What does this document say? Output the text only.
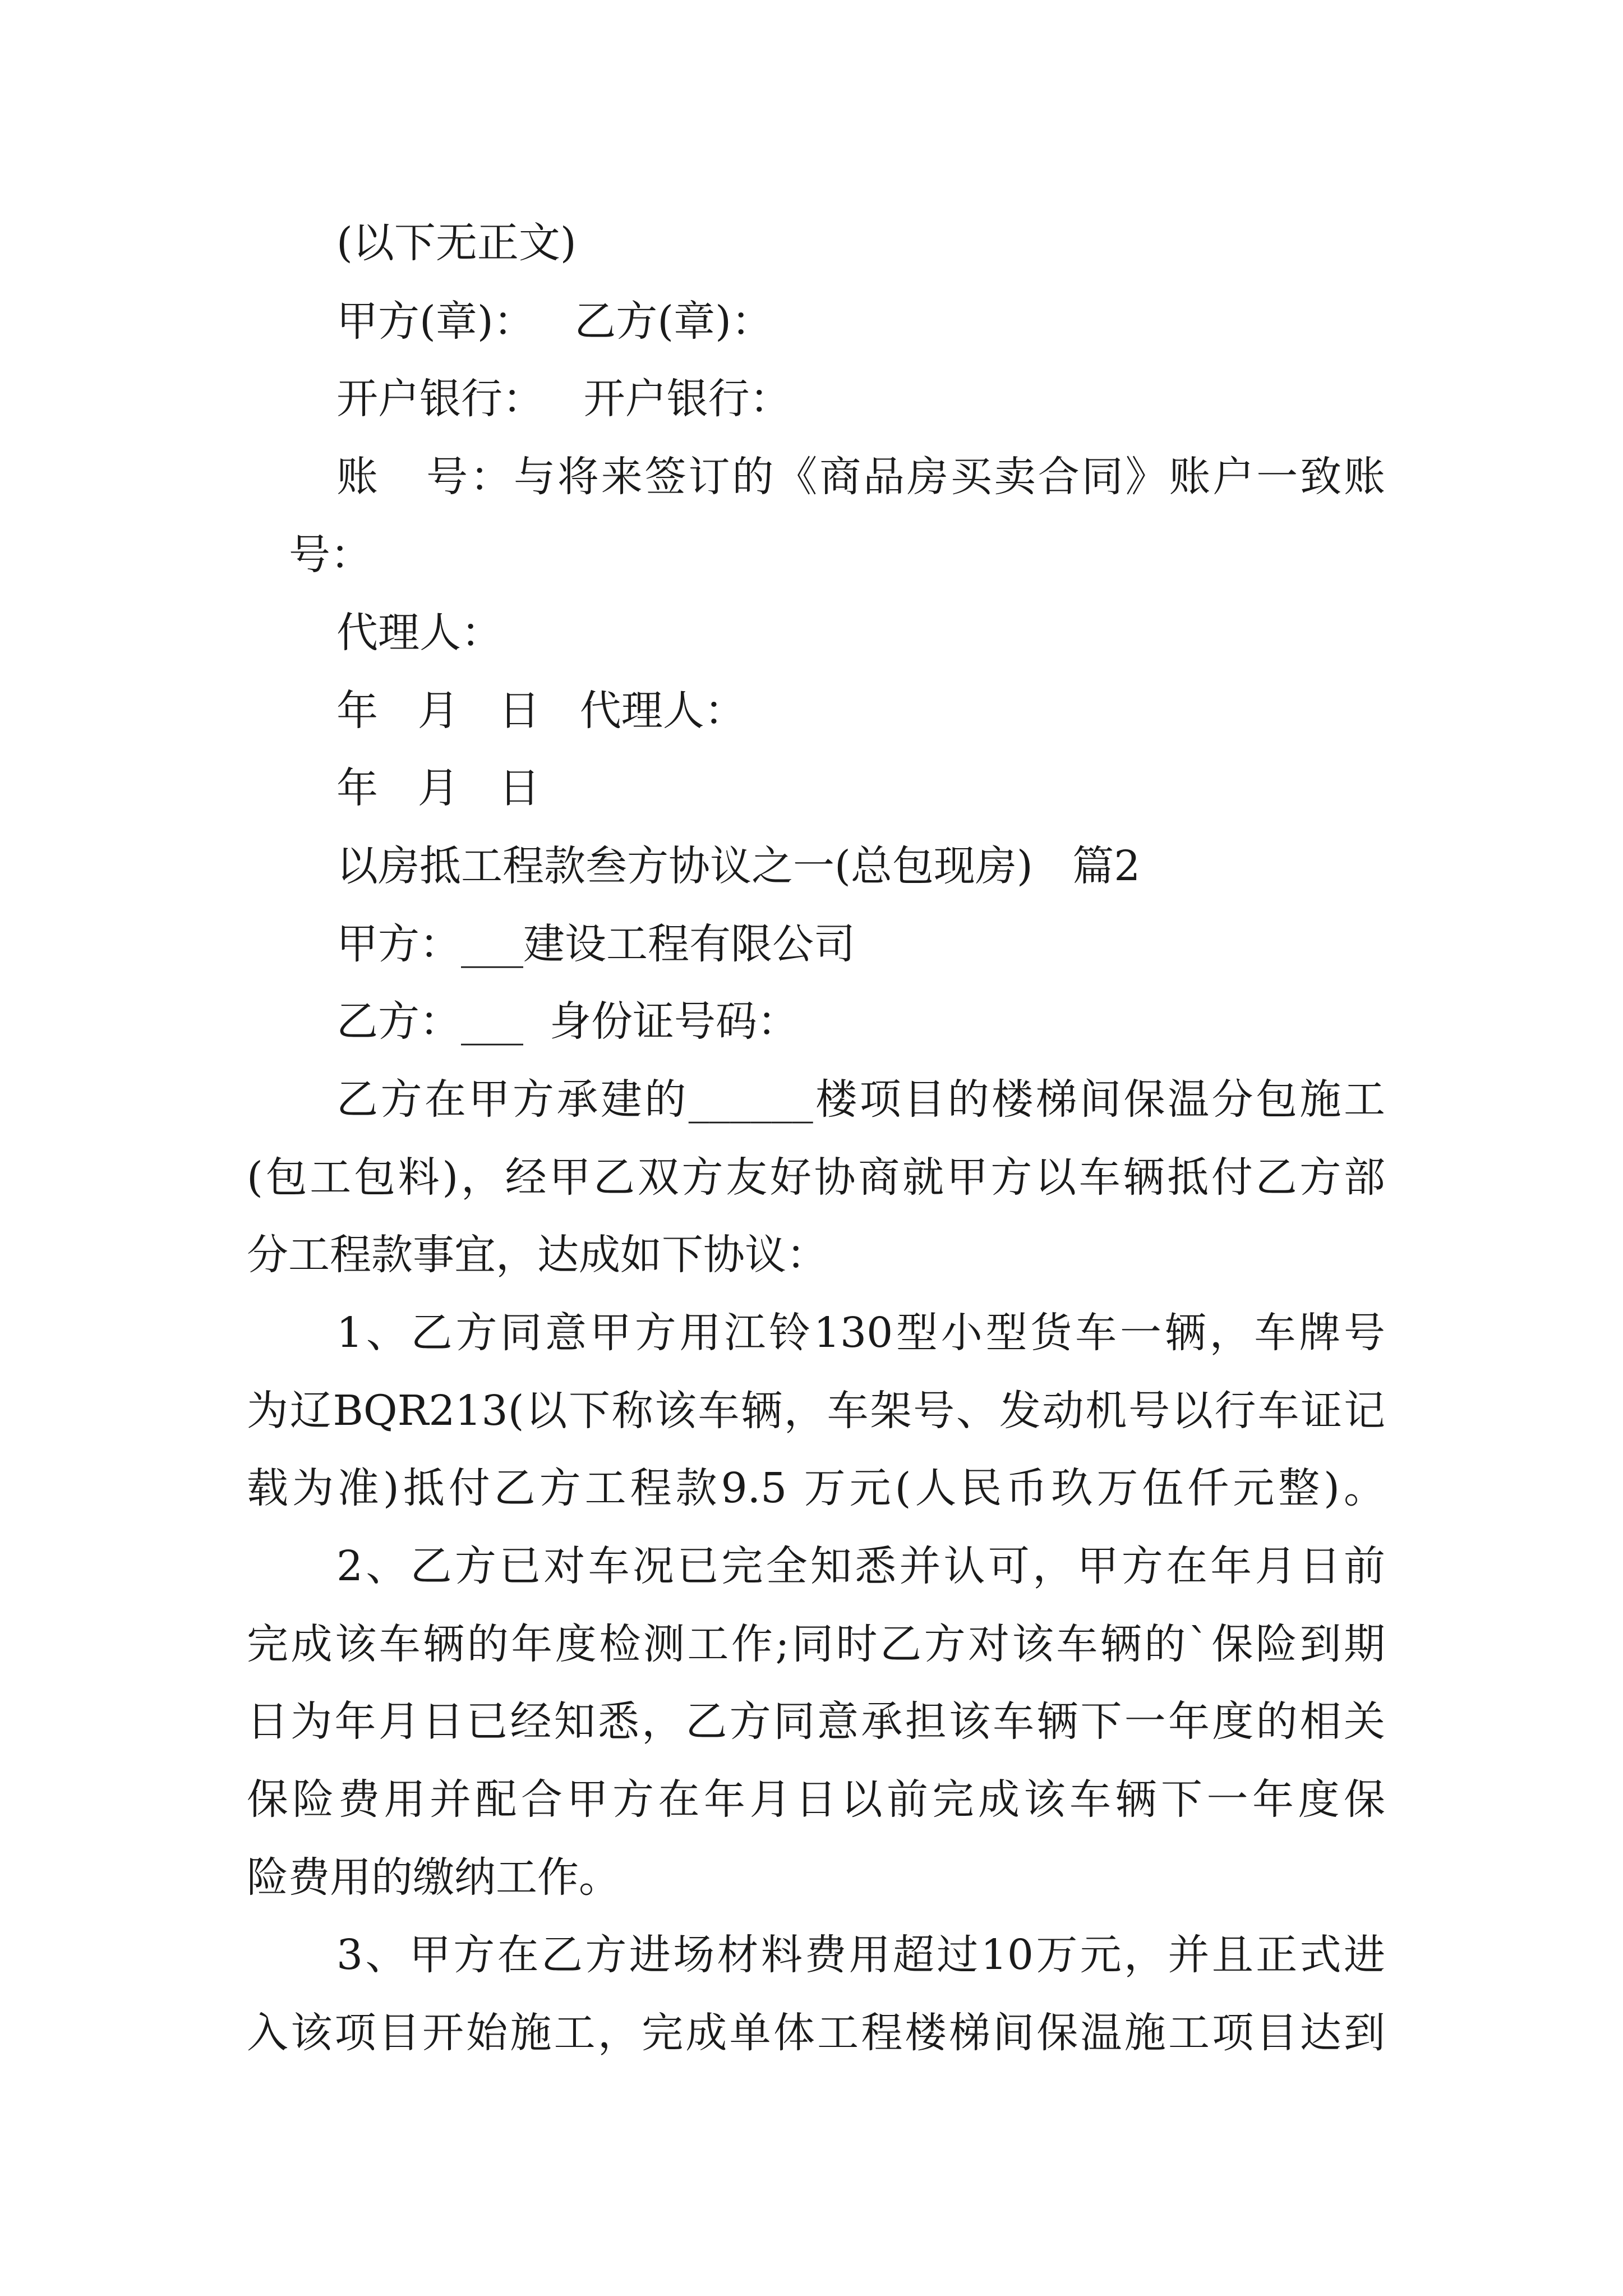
(以下无正文)

甲方(章)：   乙方(章)：

开户银行：   开户银行：

账   号：与将来签订的《商品房买卖合同》账户一致账

号：

代理人：

年   月   日   代理人：

年   月   日

以房抵工程款叁方协议之一(总包现房)   篇2

甲方：___建设工程有限公司

乙方：___  身份证号码：

乙方在甲方承建的______楼项目的楼梯间保温分包施工

(包工包料)，经甲乙双方友好协商就甲方以车辆抵付乙方部

分工程款事宜，达成如下协议：

1、乙方同意甲方用江铃130型小型货车一辆，车牌号

为辽BQR213(以下称该车辆，车架号、发动机号以行车证记

载为准)抵付乙方工程款9.5 万元(人民币玖万伍仟元整)。

2、乙方已对车况已完全知悉并认可，甲方在年月日前

完成该车辆的年度检测工作;同时乙方对该车辆的`保险到期

日为年月日已经知悉，乙方同意承担该车辆下一年度的相关

保险费用并配合甲方在年月日以前完成该车辆下一年度保

险费用的缴纳工作。

3、甲方在乙方进场材料费用超过10万元，并且正式进

入该项目开始施工，完成单体工程楼梯间保温施工项目达到
